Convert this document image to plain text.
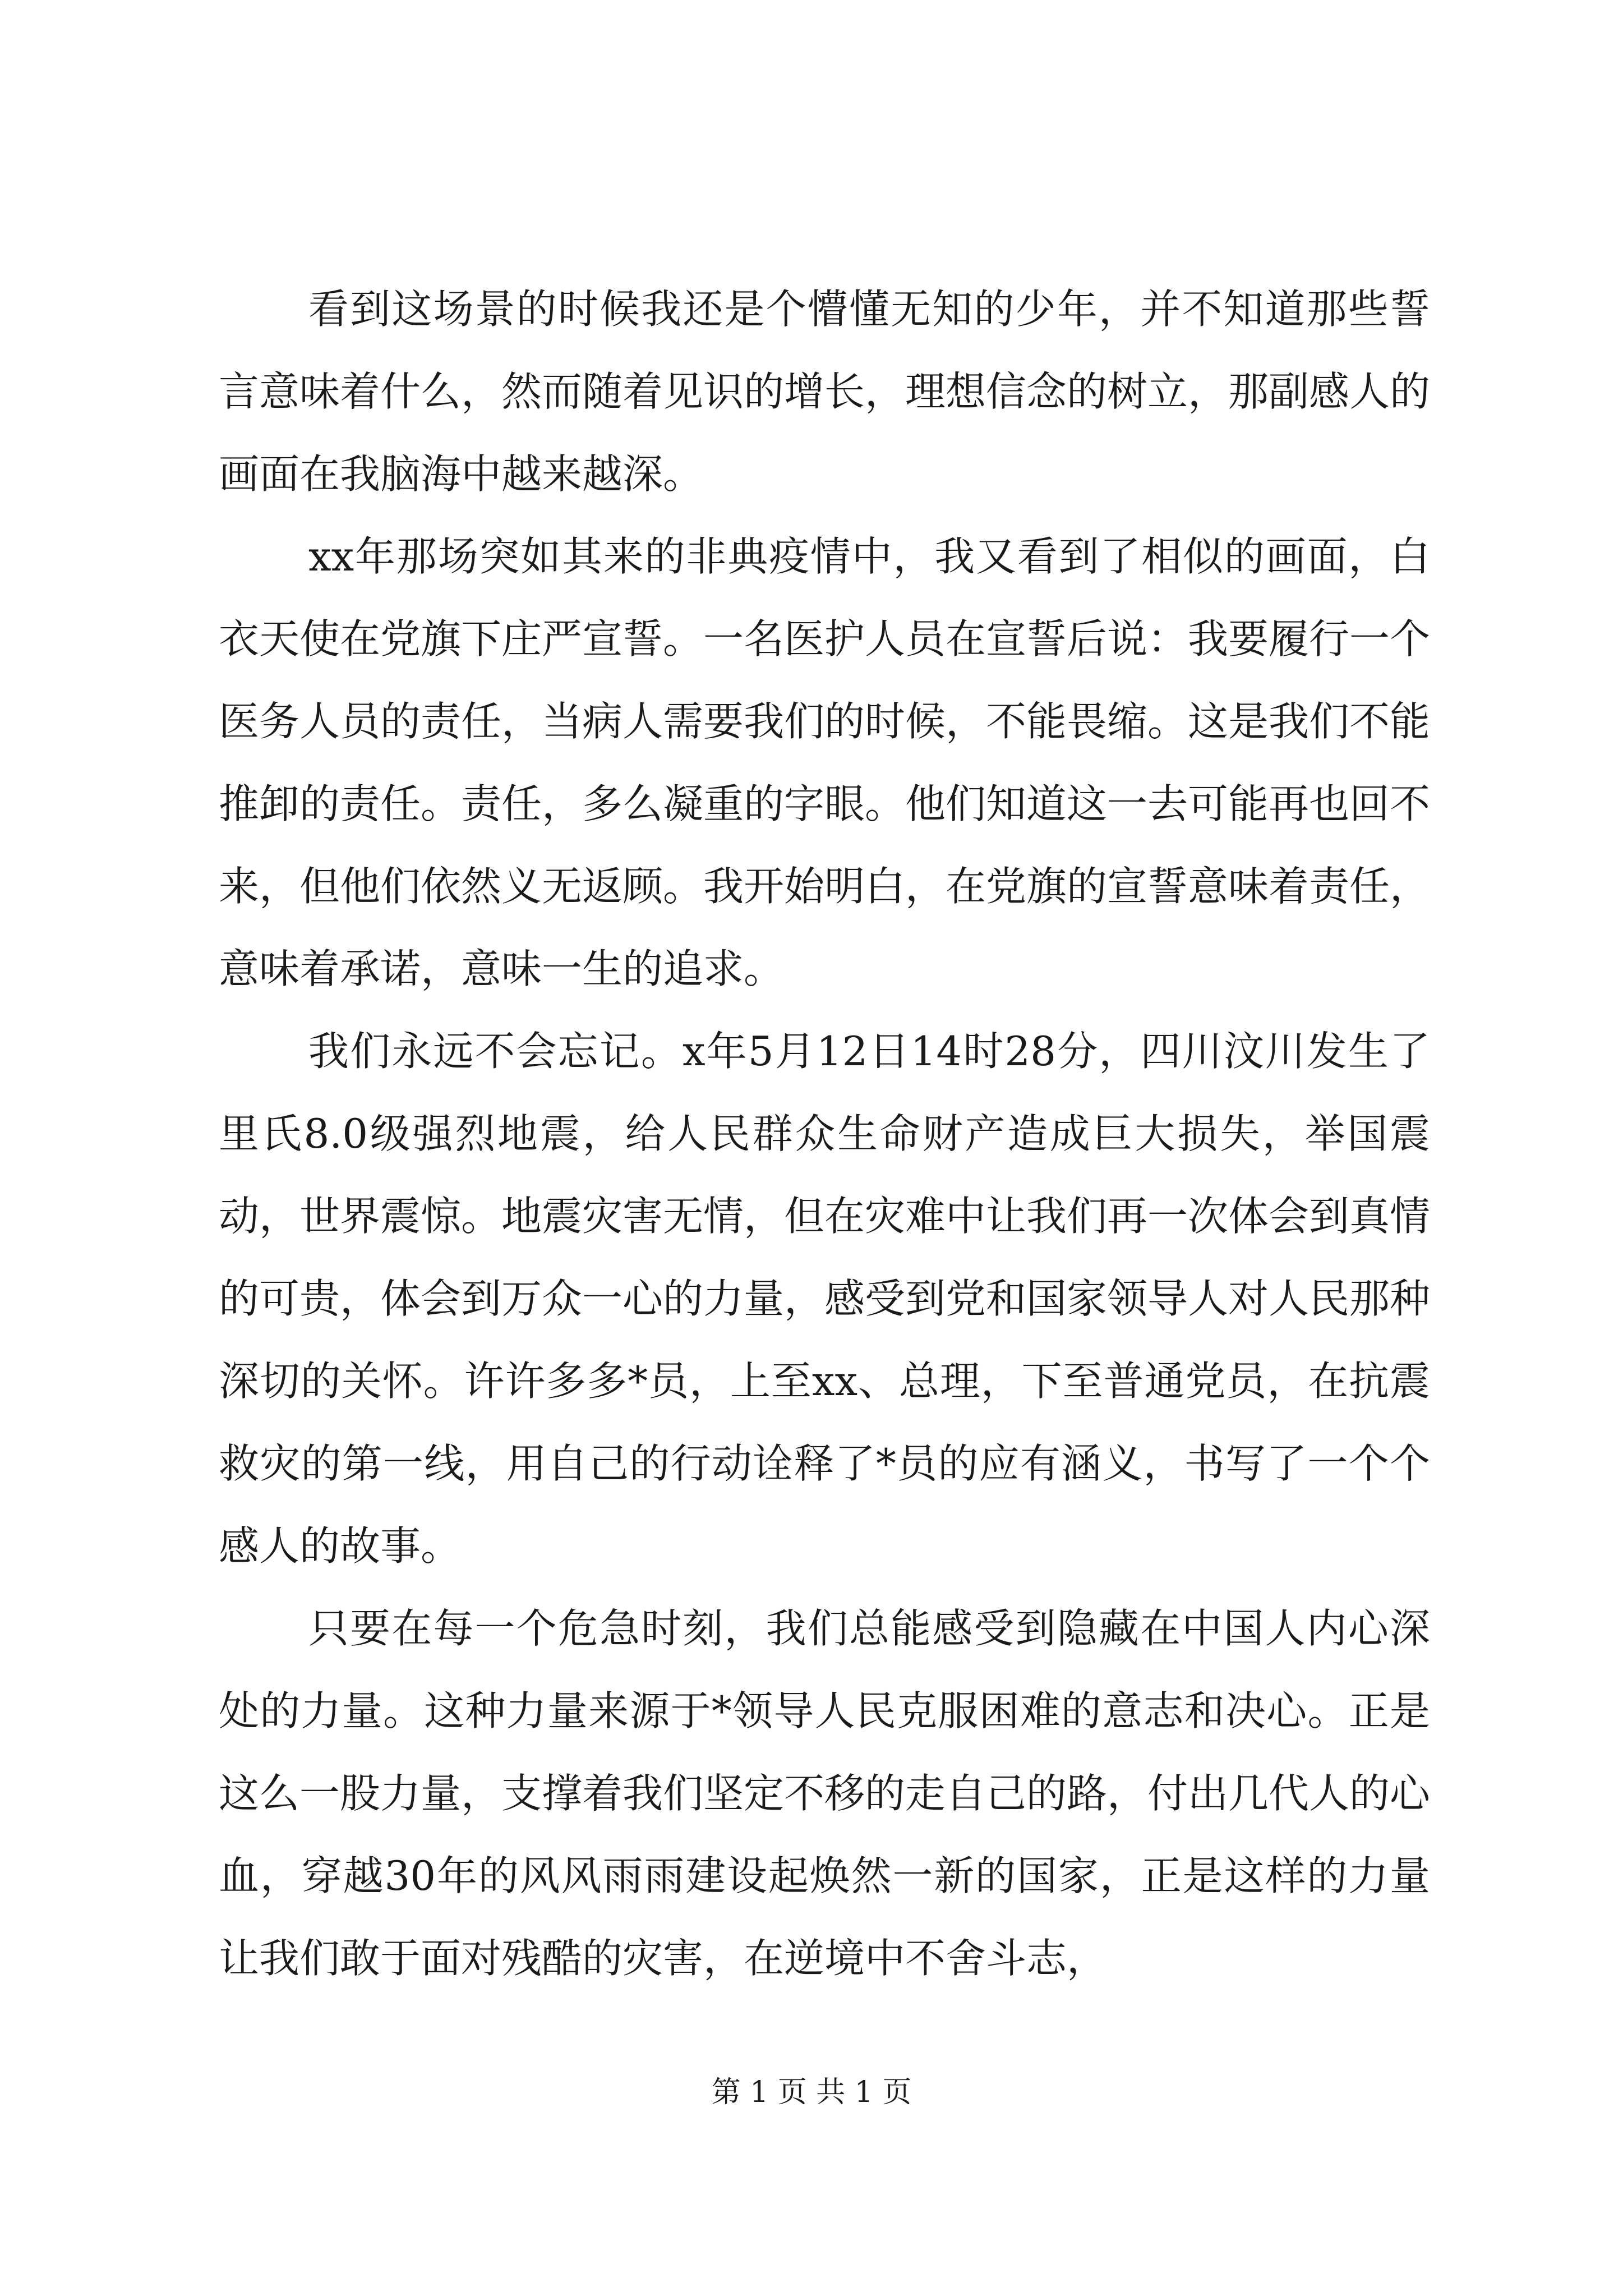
看到这场景的时候我还是个懵懂无知的少年，并不知道那些誓言意味着什么，然而随着见识的增长，理想信念的树立，那副感人的画面在我脑海中越来越深。

xx年那场突如其来的非典疫情中，我又看到了相似的画面，白衣天使在党旗下庄严宣誓。一名医护人员在宣誓后说：我要履行一个医务人员的责任，当病人需要我们的时候，不能畏缩。这是我们不能推卸的责任。责任，多么凝重的字眼。他们知道这一去可能再也回不来，但他们依然义无返顾。我开始明白，在党旗的宣誓意味着责任，意味着承诺，意味一生的追求。

我们永远不会忘记。x年5月12日14时28分，四川汶川发生了里氏8.0级强烈地震，给人民群众生命财产造成巨大损失，举国震动，世界震惊。地震灾害无情，但在灾难中让我们再一次体会到真情的可贵，体会到万众一心的力量，感受到党和国家领导人对人民那种深切的关怀。许许多多*员，上至xx、总理，下至普通党员，在抗震救灾的第一线，用自己的行动诠释了*员的应有涵义，书写了一个个感人的故事。

只要在每一个危急时刻，我们总能感受到隐藏在中国人内心深处的力量。这种力量来源于*领导人民克服困难的意志和决心。正是这么一股力量，支撑着我们坚定不移的走自己的路，付出几代人的心血，穿越30年的风风雨雨建设起焕然一新的国家，正是这样的力量让我们敢于面对残酷的灾害，在逆境中不舍斗志，

第 1 页 共 1 页
